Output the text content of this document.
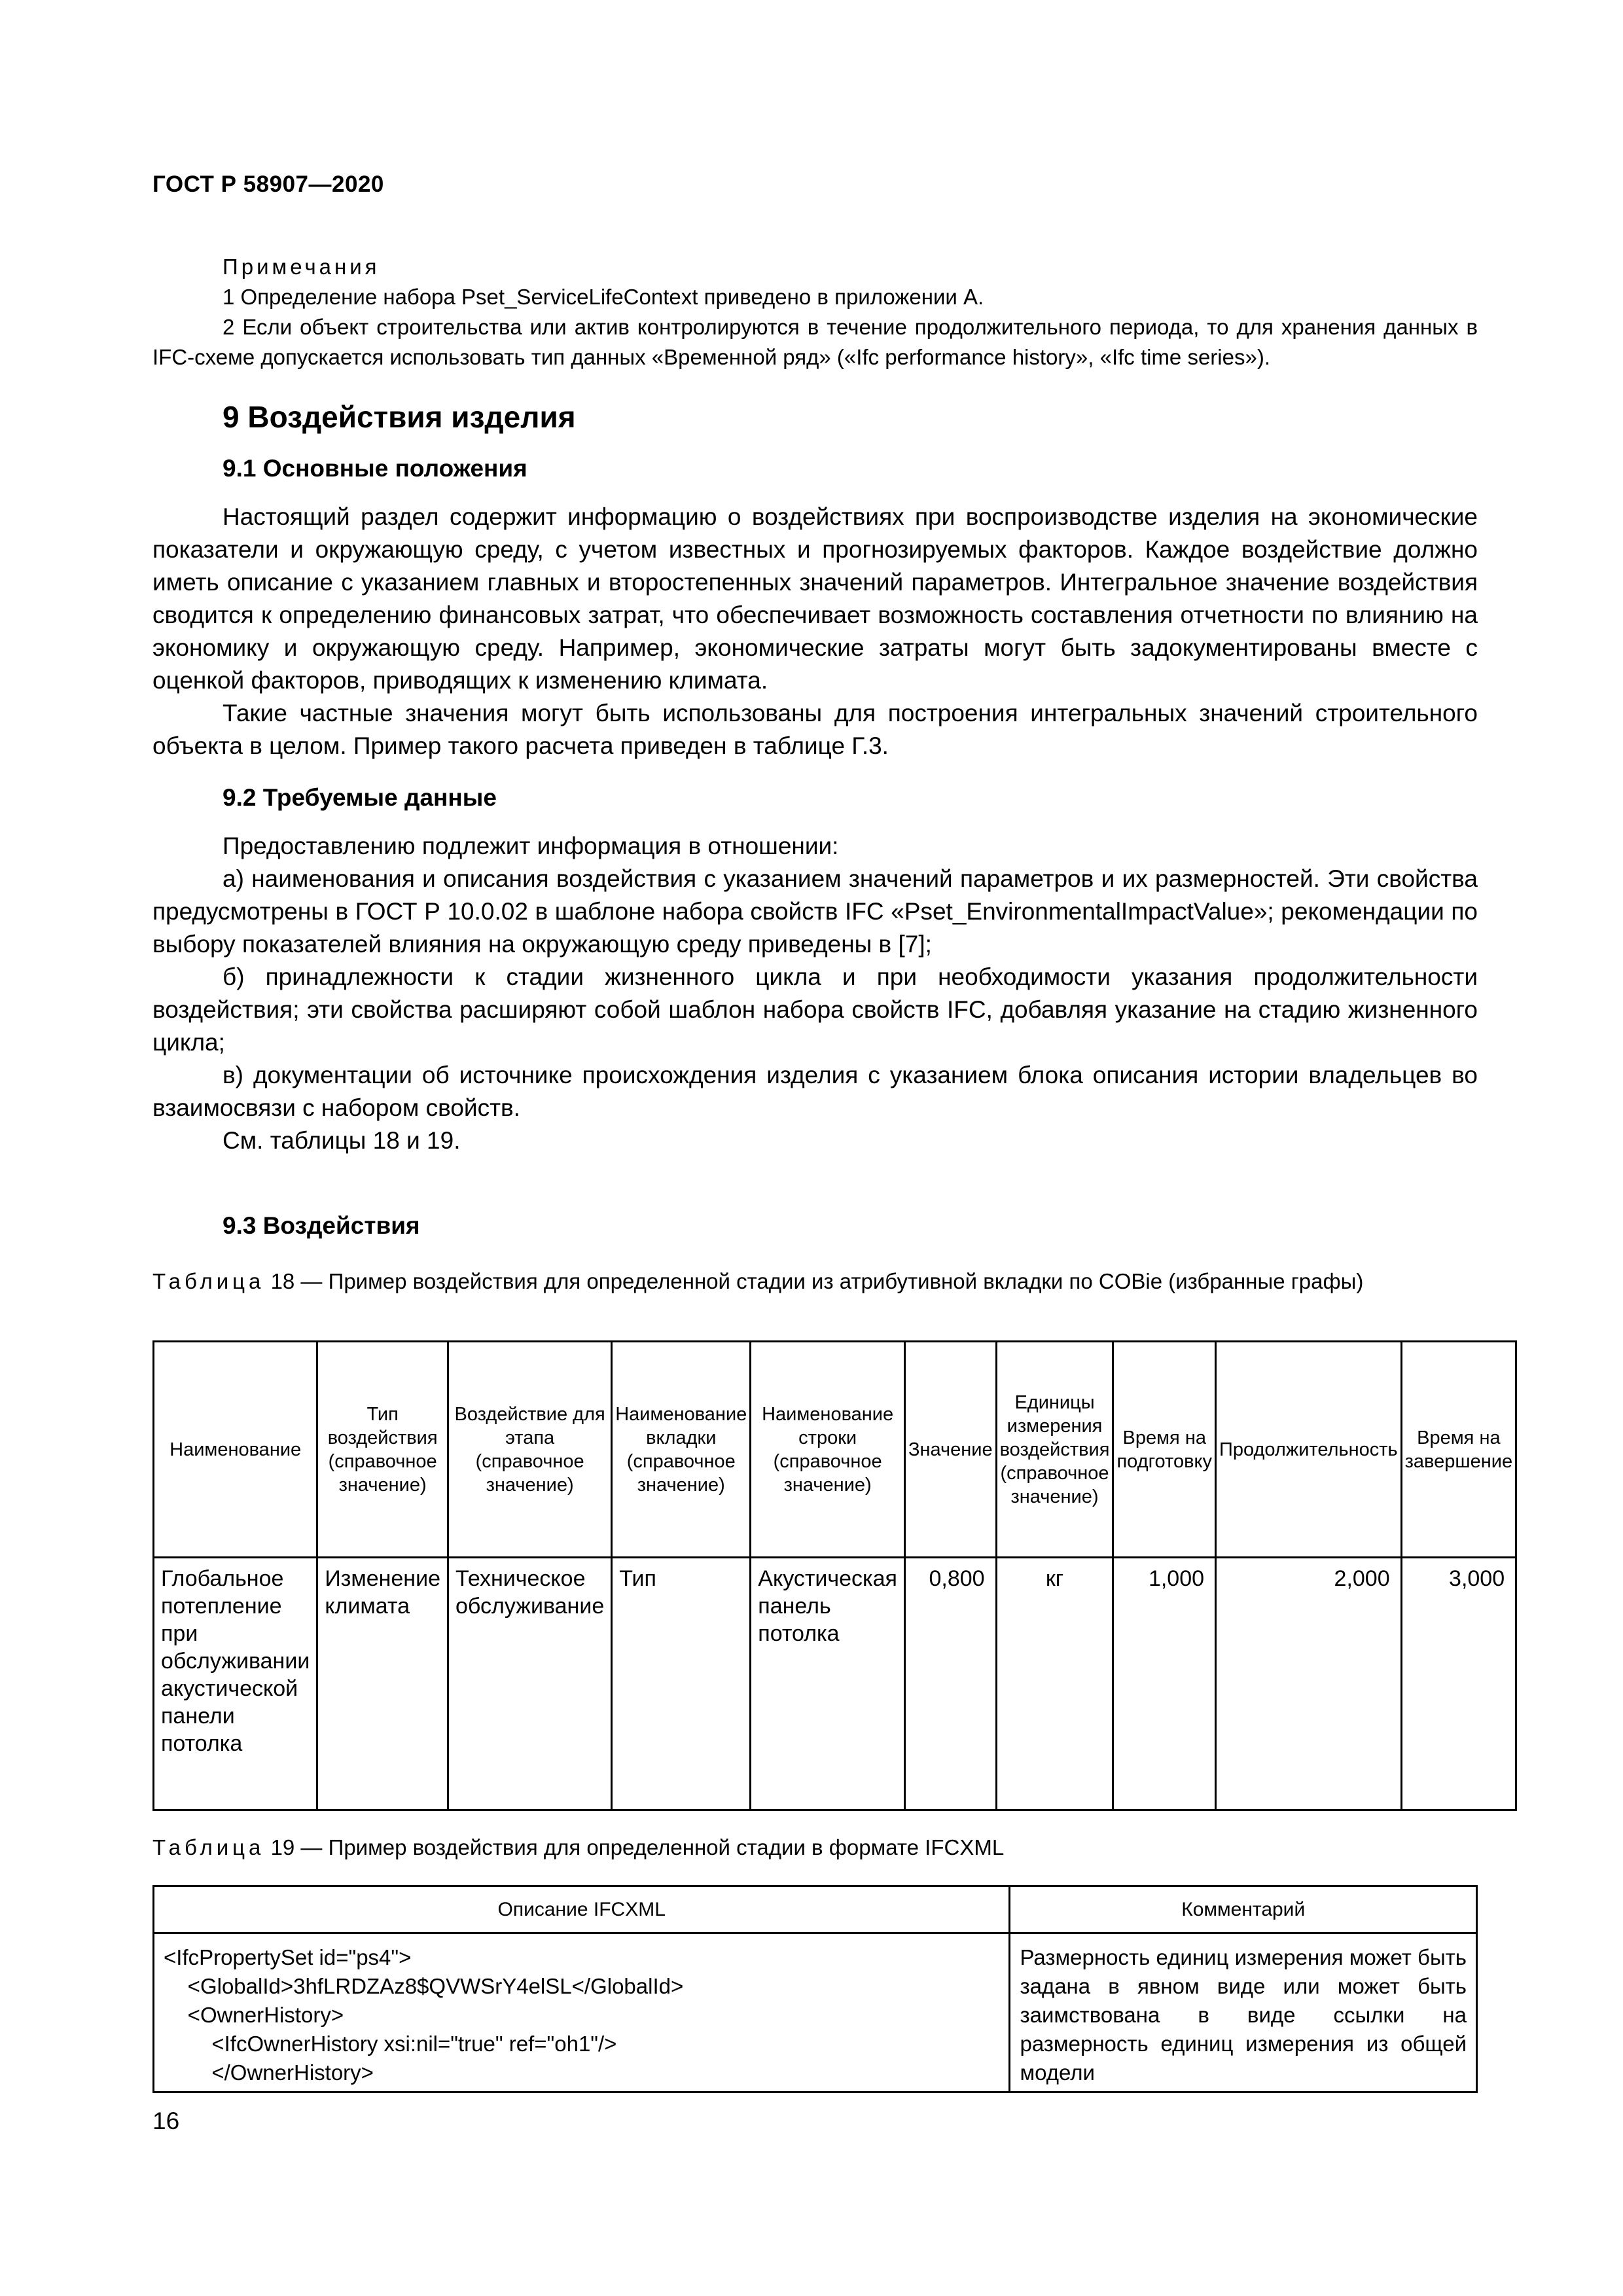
ГОСТ Р 58907—2020
Примечания
1 Определение набора Pset_ServiceLifeContext приведено в приложении А.
2 Если объект строительства или актив контролируются в течение продолжительного периода, то для хранения данных в IFC-схеме допускается использовать тип данных «Временной ряд» («Ifc performance history», «Ifc time series»).
9 Воздействия изделия
9.1 Основные положения

Настоящий раздел содержит информацию о воздействиях при воспроизводстве изделия на экономические показатели и окружающую среду, с учетом известных и прогнозируемых факторов. Каждое воздействие должно иметь описание с указанием главных и второстепенных значений параметров. Интегральное значение воздействия сводится к определению финансовых затрат, что обеспечивает возможность составления отчетности по влиянию на экономику и окружающую среду. Например, экономические затраты могут быть задокументированы вместе с оценкой факторов, приводящих к изменению климата.

Такие частные значения могут быть использованы для построения интегральных значений строительного объекта в целом. Пример такого расчета приведен в таблице Г.3.

9.2 Требуемые данные

Предоставлению подлежит информация в отношении:

а) наименования и описания воздействия с указанием значений параметров и их размерностей. Эти свойства предусмотрены в ГОСТ Р 10.0.02 в шаблоне набора свойств IFC «Pset_EnvironmentalImpactValue»; рекомендации по выбору показателей влияния на окружающую среду приведены в [7];

б) принадлежности к стадии жизненного цикла и при необходимости указания продолжительности воздействия; эти свойства расширяют собой шаблон набора свойств IFC, добавляя указание на стадию жизненного цикла;

в) документации об источнике происхождения изделия с указанием блока описания истории владельцев во взаимосвязи с набором свойств.

См. таблицы 18 и 19.

9.3 Воздействия
Таблица 18 — Пример воздействия для определенной стадии из атрибутивной вкладки по COBie (избранные графы)
Наименование	Тип воздействия (справочное значение)	Воздействие для этапа (справочное значение)	Наименование вкладки (справочное значение)	Наименование строки (справочное значение)	Значение	Единицы измерения воздействия (справочное значение)	Время на подготовку	Продолжительность	Время на завершение
Глобальное потепление при обслуживании акустической панели потолка	Изменение климата	Техническое обслуживание	Тип	Акустическая панель потолка	0,800	кг	1,000	2,000	3,000
Таблица 19 — Пример воздействия для определенной стадии в формате IFCXML
Описание IFCXML	Комментарий

<IfcPropertySet id="ps4">
<GlobalId>3hfLRDZAz8$QVWSrY4elSL</GlobalId>
<OwnerHistory>
<IfcOwnerHistory xsi:nil="true" ref="oh1"/>
</OwnerHistory>	Размерность единиц измерения может быть задана в явном виде или может быть заимствована в виде ссылки на размерность единиц измерения из общей модели
16
